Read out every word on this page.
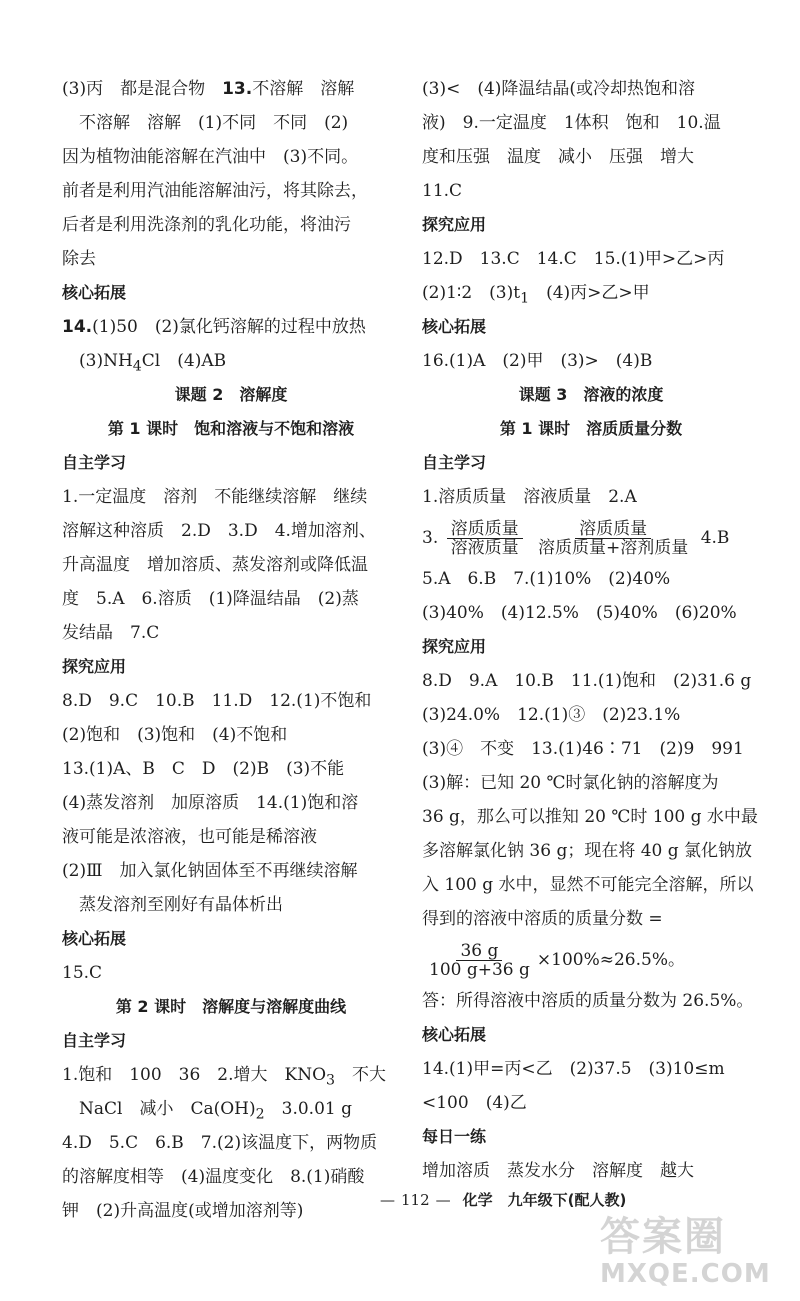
(3)丙　都是混合物　13.不溶解　溶解
不溶解　溶解　(1)不同　不同　(2)
因为植物油能溶解在汽油中　(3)不同。
前者是利用汽油能溶解油污，将其除去，
后者是利用洗涤剂的乳化功能，将油污
除去
核心拓展
14.(1)50　(2)氯化钙溶解的过程中放热
$(3)NH_4Cl$　(4)AB
课题 2　溶解度
第 1 课时　饱和溶液与不饱和溶液
自主学习
1.一定温度　溶剂　不能继续溶解　继续
溶解这种溶质　2.D　3.D　4.增加溶剂、
升高温度　增加溶质、蒸发溶剂或降低温
度　5.A　6.溶质　(1)降温结晶　(2)蒸
发结晶　7.C
探究应用
8.D　9.C　10.B　11.D　12.(1)不饱和
(2)饱和　(3)饱和　(4)不饱和
13.(1)A、B　C　D　(2)B　(3)不能
(4)蒸发溶剂　加原溶质　14.(1)饱和溶
液可能是浓溶液，也可能是稀溶液
(2)Ⅲ　加入氯化钠固体至不再继续溶解
蒸发溶剂至刚好有晶体析出
核心拓展
15.C
第 2 课时　溶解度与溶解度曲线
自主学习
1.饱和　100　36　2.增大　$KNO_3$　不大
NaCl　减小　$Ca(OH)_2$　3.0.01 g
4.D　5.C　6.B　7.(2)该温度下，两物质
的溶解度相等　(4)温度变化　8.(1)硝酸
钾　(2)升高温度(或增加溶剂等)
(3)<　(4)降温结晶(或冷却热饱和溶
液)　9.一定温度　1体积　饱和　10.温
度和压强　温度　减小　压强　增大
11.C
探究应用
12.D　13.C　14.C　15.(1)甲>乙>丙
(2)1∶2　$(3)t_1$　(4)丙>乙>甲
核心拓展
16.(1)A　(2)甲　(3)>　(4)B
课题 3　溶液的浓度
第 1 课时　溶质质量分数
自主学习
1.溶质质量　溶液质量　2.A
3. $\frac{\text{溶质质量}}{\text{溶液质量}}$
$\frac{\text{溶质质量}}{\text{溶质质量+溶剂质量}} 4.B$
5.A　6.B　7.(1)10%　(2)40%
(3)40%　(4)12.5%　(5)40%　(6)20%
探究应用
8.D　9.A　10.B　11.(1)饱和　(2)31.6 g
(3)24.0%　12.(1)③　(2)23.1%
(3)④　不变　13.(1)46∶71　(2)9　991
(3)解：已知 20 ℃时氯化钠的溶解度为
36 g，那么可以推知 20 ℃时 100 g 水中最
多溶解氯化钠 36 g；现在将 40 g 氯化钠放
入 100 g 水中，显然不可能完全溶解，所以
得到的溶液中溶质的质量分数 =
$\frac{36 g}{100 g+36 g} \times 100\%\approx 26.5\%$。
答：所得溶液中溶质的质量分数为 26.5%。
核心拓展
14.(1)甲=丙<乙　(2)37.5　(3)10≤m
<100　(4)乙
每日一练
增加溶质　蒸发水分　溶解度　越大
— 112 — 化学　九年级下(配人教)
答案圈
MXQE.COM
